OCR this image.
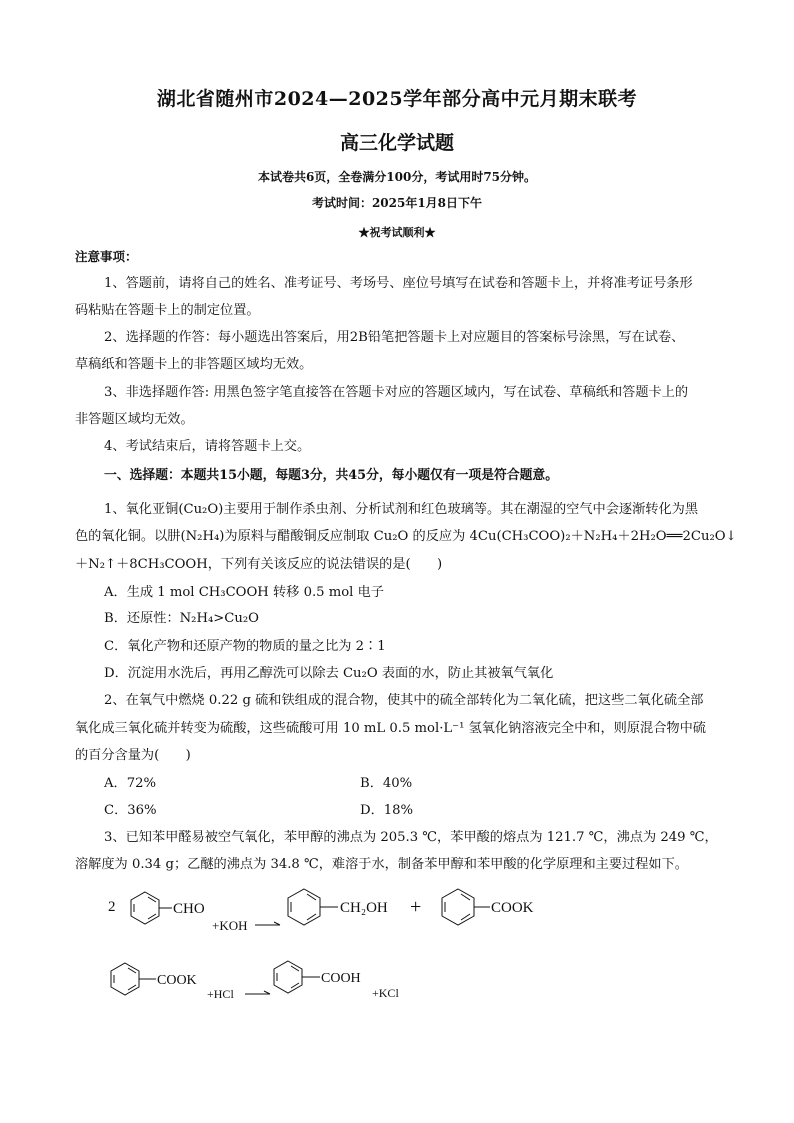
湖北省随州市2024—2025学年部分高中元月期末联考
高三化学试题
本试卷共6页，全卷满分100分，考试用时75分钟。
考试时间：2025年1月8日下午
★祝考试顺利★
注意事项：
1、答题前，请将自己的姓名、准考证号、考场号、座位号填写在试卷和答题卡上，并将准考证号条形
码粘贴在答题卡上的制定位置。
2、选择题的作答：每小题选出答案后，用2B铅笔把答题卡上对应题目的答案标号涂黑，写在试卷、
草稿纸和答题卡上的非答题区域均无效。
3、非选择题作答: 用黑色签字笔直接答在答题卡对应的答题区域内，写在试卷、草稿纸和答题卡上的
非答题区域均无效。
4、考试结束后，请将答题卡上交。
一、选择题：本题共15小题，每题3分，共45分，每小题仅有一项是符合题意。
1、氧化亚铜(Cu₂O)主要用于制作杀虫剂、分析试剂和红色玻璃等。其在潮湿的空气中会逐渐转化为黑
色的氧化铜。以肼(N₂H₄)为原料与醋酸铜反应制取 Cu₂O 的反应为 4Cu(CH₃COO)₂＋N₂H₄＋2H₂O══2Cu₂O↓
＋N₂↑＋8CH₃COOH，下列有关该反应的说法错误的是(　　)
A．生成 1 mol CH₃COOH 转移 0.5 mol 电子
B．还原性：N₂H₄>Cu₂O
C．氧化产物和还原产物的物质的量之比为 2∶1
D．沉淀用水洗后，再用乙醇洗可以除去 Cu₂O 表面的水，防止其被氧气氧化
2、在氧气中燃烧 0.22 g 硫和铁组成的混合物，使其中的硫全部转化为二氧化硫，把这些二氧化硫全部
氧化成三氧化硫并转变为硫酸，这些硫酸可用 10 mL 0.5 mol·L⁻¹ 氢氧化钠溶液完全中和，则原混合物中硫
的百分含量为(　　)
A．72%	B．40%
C．36%	D．18%
3、已知苯甲醛易被空气氧化，苯甲醇的沸点为 205.3 ℃，苯甲酸的熔点为 121.7 ℃，沸点为 249 ℃，
溶解度为 0.34 g；乙醚的沸点为 34.8 ℃，难溶于水，制备苯甲醇和苯甲酸的化学原理和主要过程如下。
2	CHO
+KOH
CH₂OH +	COOK
COOK
+HCl
COOH
+KCl
